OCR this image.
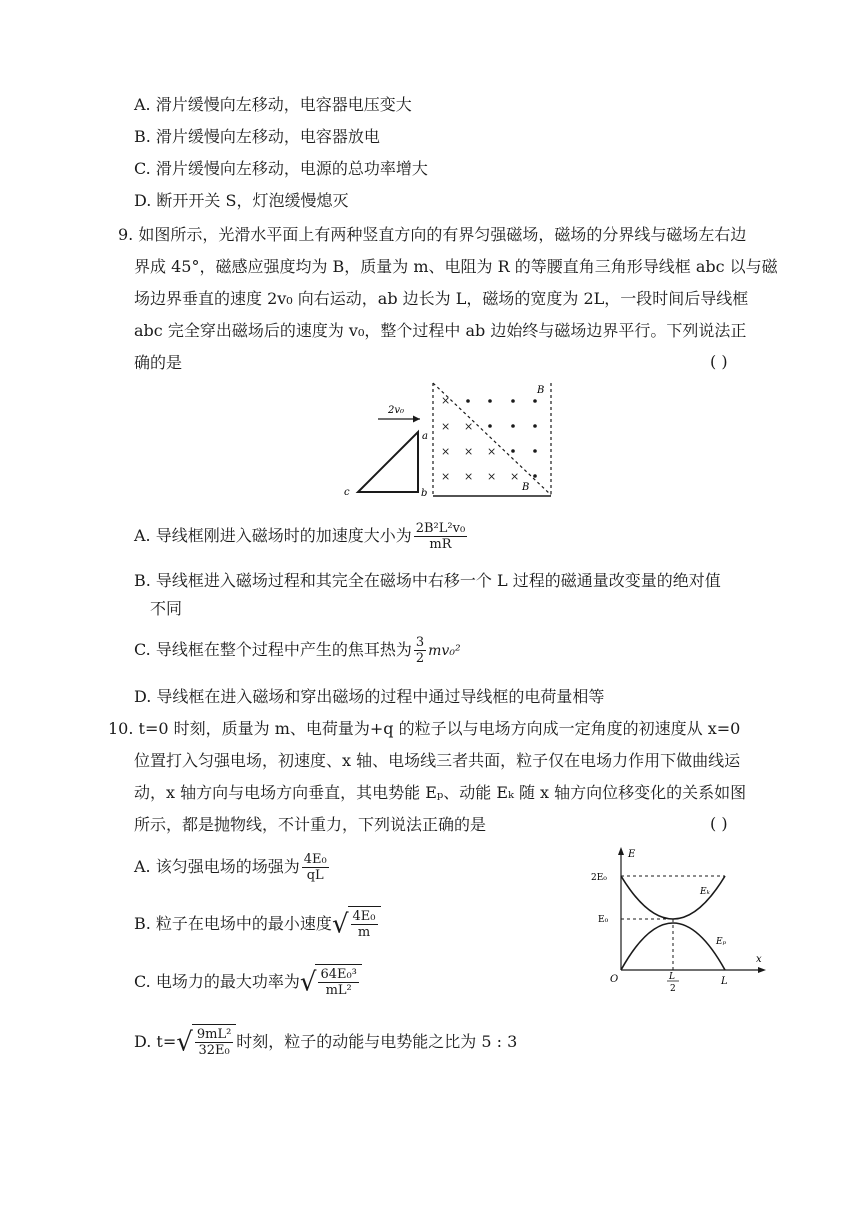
A. 滑片缓慢向左移动，电容器电压变大
B. 滑片缓慢向左移动，电容器放电
C. 滑片缓慢向左移动，电源的总功率增大
D. 断开开关 S，灯泡缓慢熄灭
9. 如图所示，光滑水平面上有两种竖直方向的有界匀强磁场，磁场的分界线与磁场左右边
界成 45°，磁感应强度均为 B，质量为 m、电阻为 R 的等腰直角三角形导线框 abc 以与磁
场边界垂直的速度 2v₀ 向右运动，ab 边长为 L，磁场的宽度为 2L，一段时间后导线框
abc 完全穿出磁场后的速度为 v₀，整个过程中 ab 边始终与磁场边界平行。下列说法正
确的是	( )
2v₀
a
b
c
B
B
×
× ×
× × ×
× × × ×
A. 导线框刚进入磁场时的加速度大小为 $\frac{\text{2B²L²v₀}}{mR}$
B. 导线框进入磁场过程和其完全在磁场中右移一个 L 过程的磁通量改变量的绝对值
不同
C. 导线框在整个过程中产生的焦耳热为 $\frac{3}{2} mv_0^2$
D. 导线框在进入磁场和穿出磁场的过程中通过导线框的电荷量相等
10. t=0 时刻，质量为 m、电荷量为+q 的粒子以与电场方向成一定角度的初速度从 x=0
位置打入匀强电场，初速度、x 轴、电场线三者共面，粒子仅在电场力作用下做曲线运
动，x 轴方向与电场方向垂直，其电势能 Eₚ、动能 Eₖ 随 x 轴方向位移变化的关系如图
所示，都是抛物线，不计重力，下列说法正确的是	( )
A. 该匀强电场的场强为 $\frac{\text{4E₀}}{qL}$
B. 粒子在电场中的最小速度√ $\frac{\text{4E₀}}{m}$
C. 电场力的最大功率为√ $\frac{\text{64E₀³}}{\text{mL²}}$
D. $t=√ \frac{\text{9mL²}}{\text{32E₀}}$ 时刻，粒子的动能与电势能之比为 5 : 3
E
x
O
2E₀
E₀
Eₖ
Eₚ
L
L
2
